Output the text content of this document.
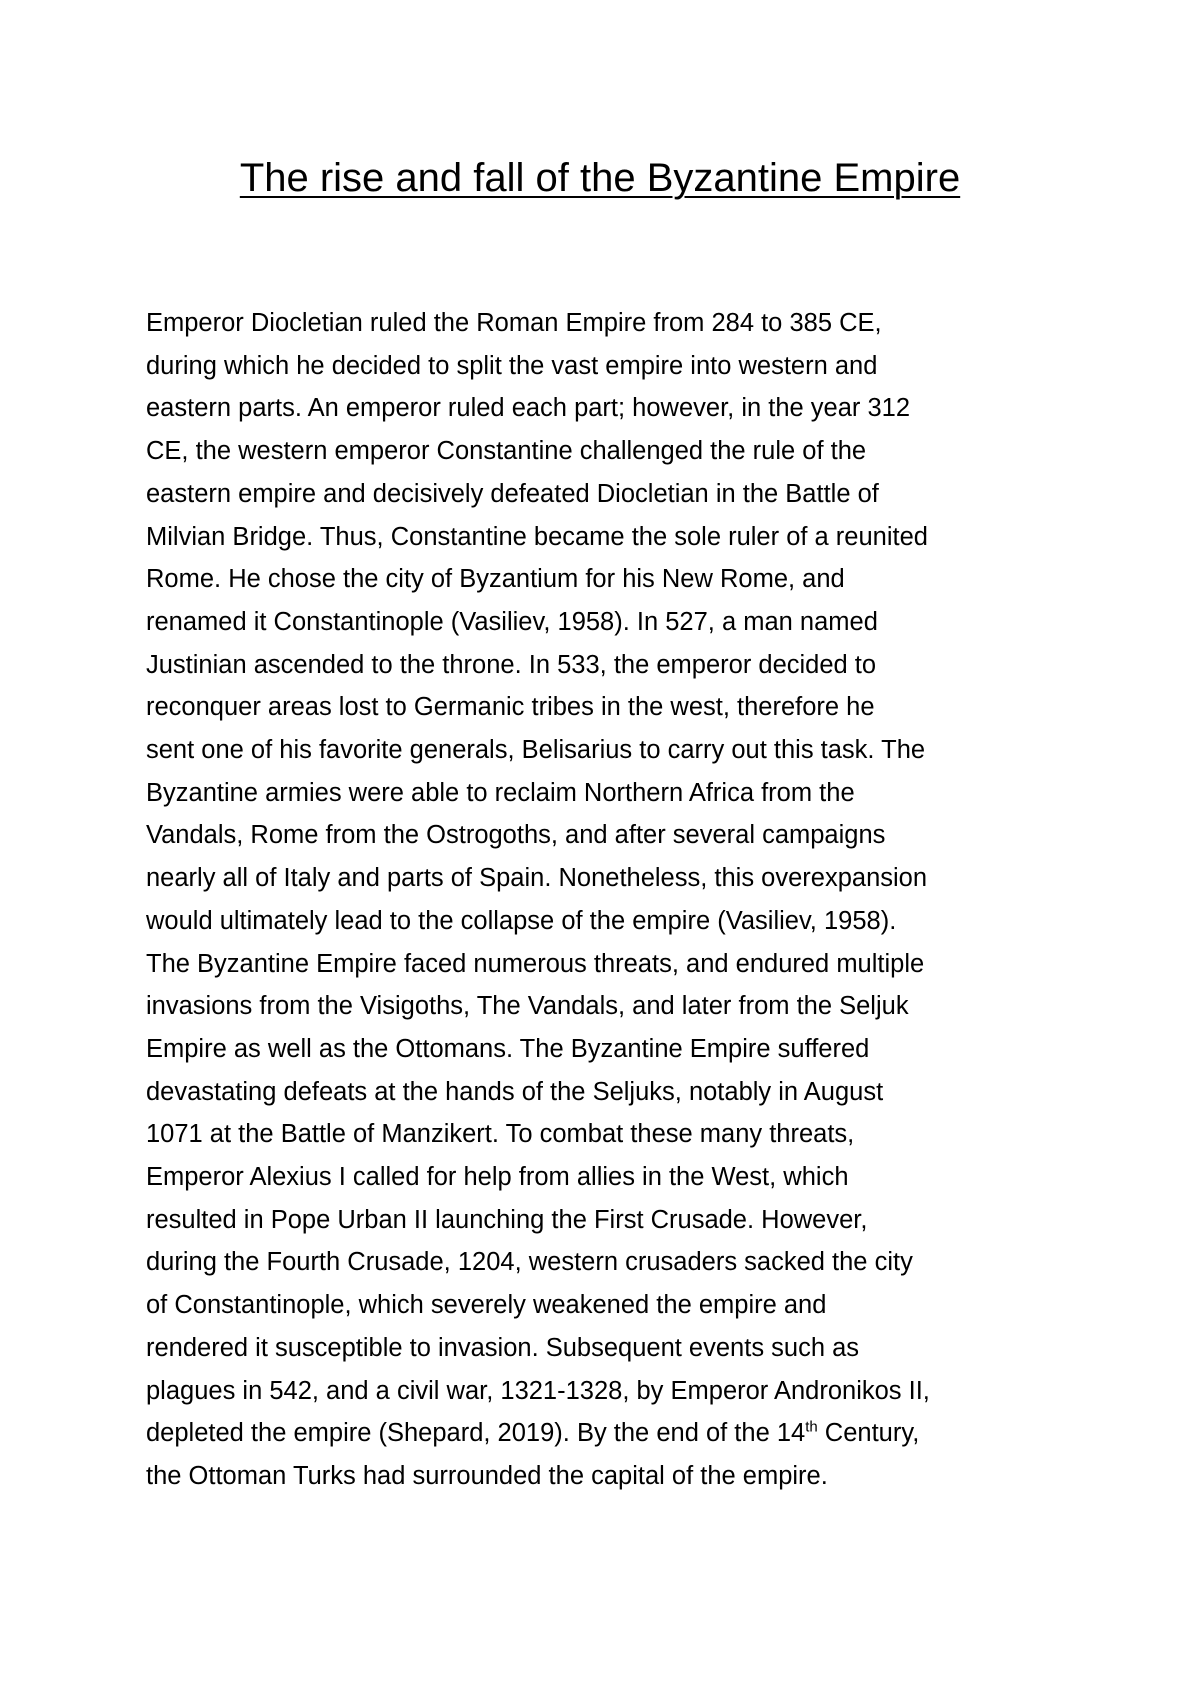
The rise and fall of the Byzantine Empire
Emperor Diocletian ruled the Roman Empire from 284 to 385 CE,
during which he decided to split the vast empire into western and
eastern parts. An emperor ruled each part; however, in the year 312
CE, the western emperor Constantine challenged the rule of the
eastern empire and decisively defeated Diocletian in the Battle of
Milvian Bridge. Thus, Constantine became the sole ruler of a reunited
Rome. He chose the city of Byzantium for his New Rome, and
renamed it Constantinople (Vasiliev, 1958). In 527, a man named
Justinian ascended to the throne. In 533, the emperor decided to
reconquer areas lost to Germanic tribes in the west, therefore he
sent one of his favorite generals, Belisarius to carry out this task. The
Byzantine armies were able to reclaim Northern Africa from the
Vandals, Rome from the Ostrogoths, and after several campaigns
nearly all of Italy and parts of Spain. Nonetheless, this overexpansion
would ultimately lead to the collapse of the empire (Vasiliev, 1958).
The Byzantine Empire faced numerous threats, and endured multiple
invasions from the Visigoths, The Vandals, and later from the Seljuk
Empire as well as the Ottomans. The Byzantine Empire suffered
devastating defeats at the hands of the Seljuks, notably in August
1071 at the Battle of Manzikert. To combat these many threats,
Emperor Alexius I called for help from allies in the West, which
resulted in Pope Urban II launching the First Crusade. However,
during the Fourth Crusade, 1204, western crusaders sacked the city
of Constantinople, which severely weakened the empire and
rendered it susceptible to invasion. Subsequent events such as
plagues in 542, and a civil war, 1321-1328, by Emperor Andronikos II,
depleted the empire (Shepard, 2019). By the end of the 14th Century,
the Ottoman Turks had surrounded the capital of the empire.
